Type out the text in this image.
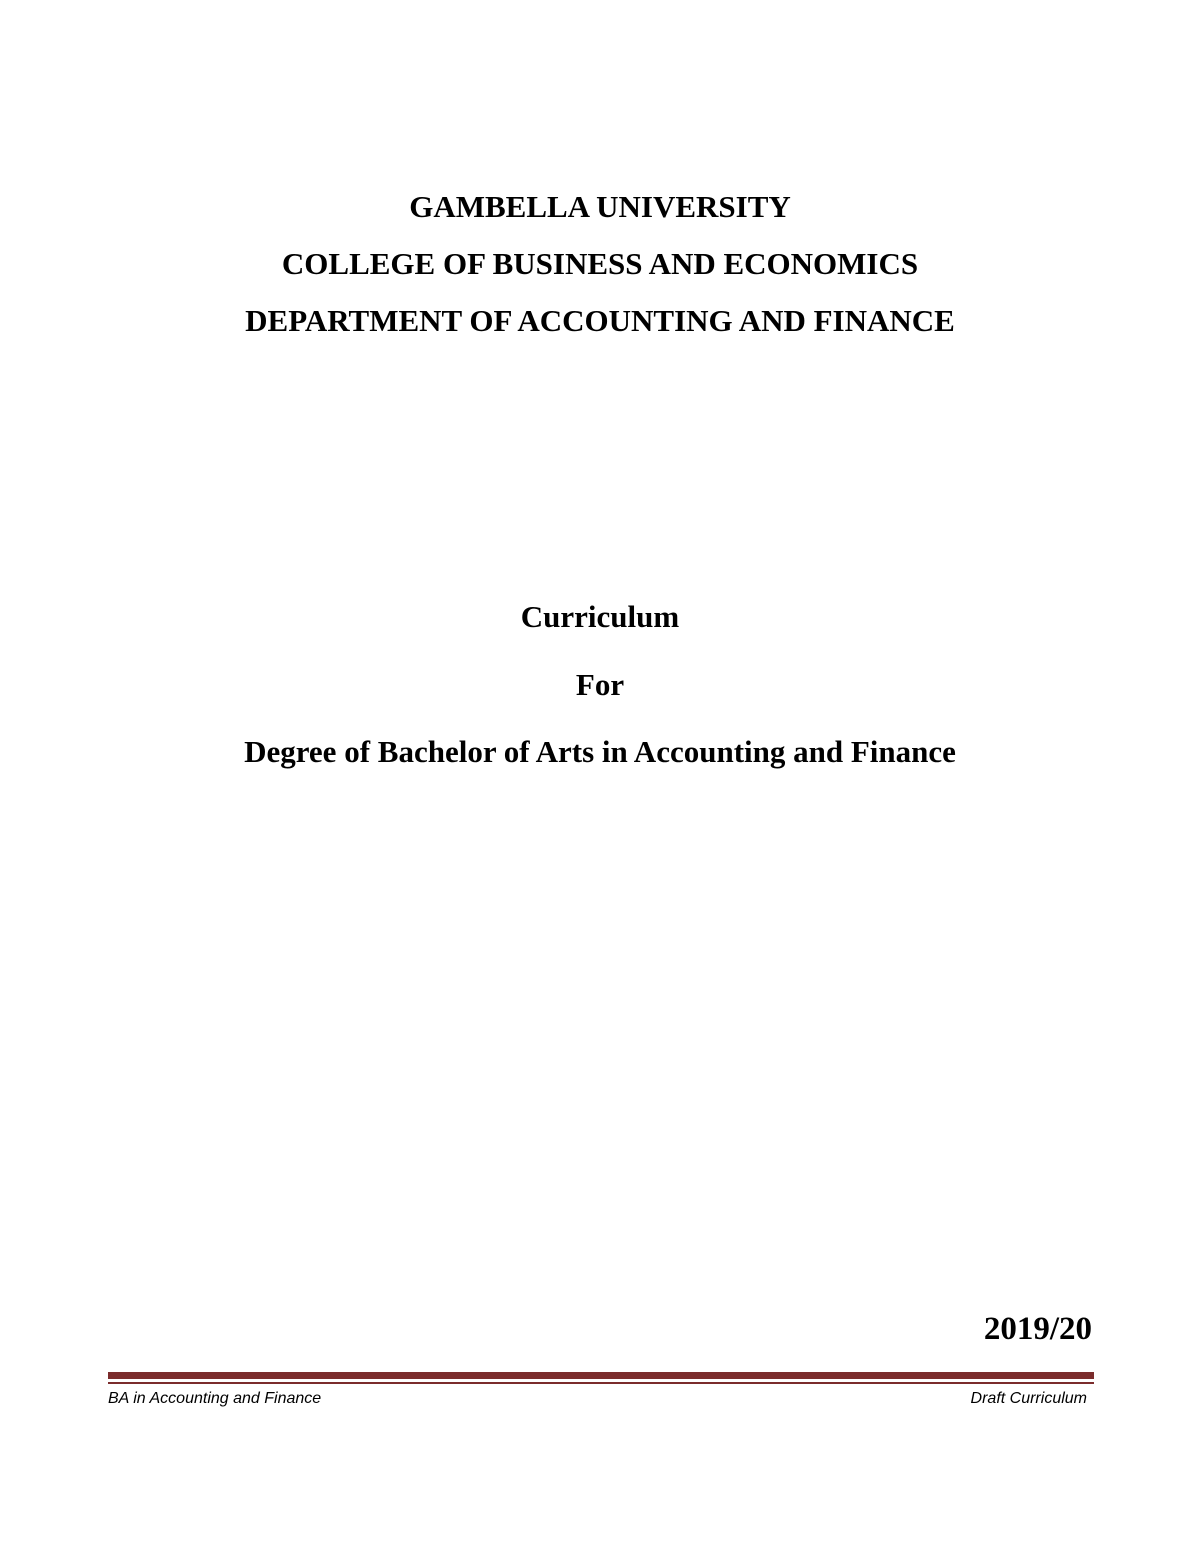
GAMBELLA UNIVERSITY
COLLEGE OF BUSINESS AND ECONOMICS
DEPARTMENT OF ACCOUNTING AND FINANCE
Curriculum
For
Degree of Bachelor of Arts in Accounting and Finance
2019/20
BA in Accounting and Finance	Draft Curriculum
